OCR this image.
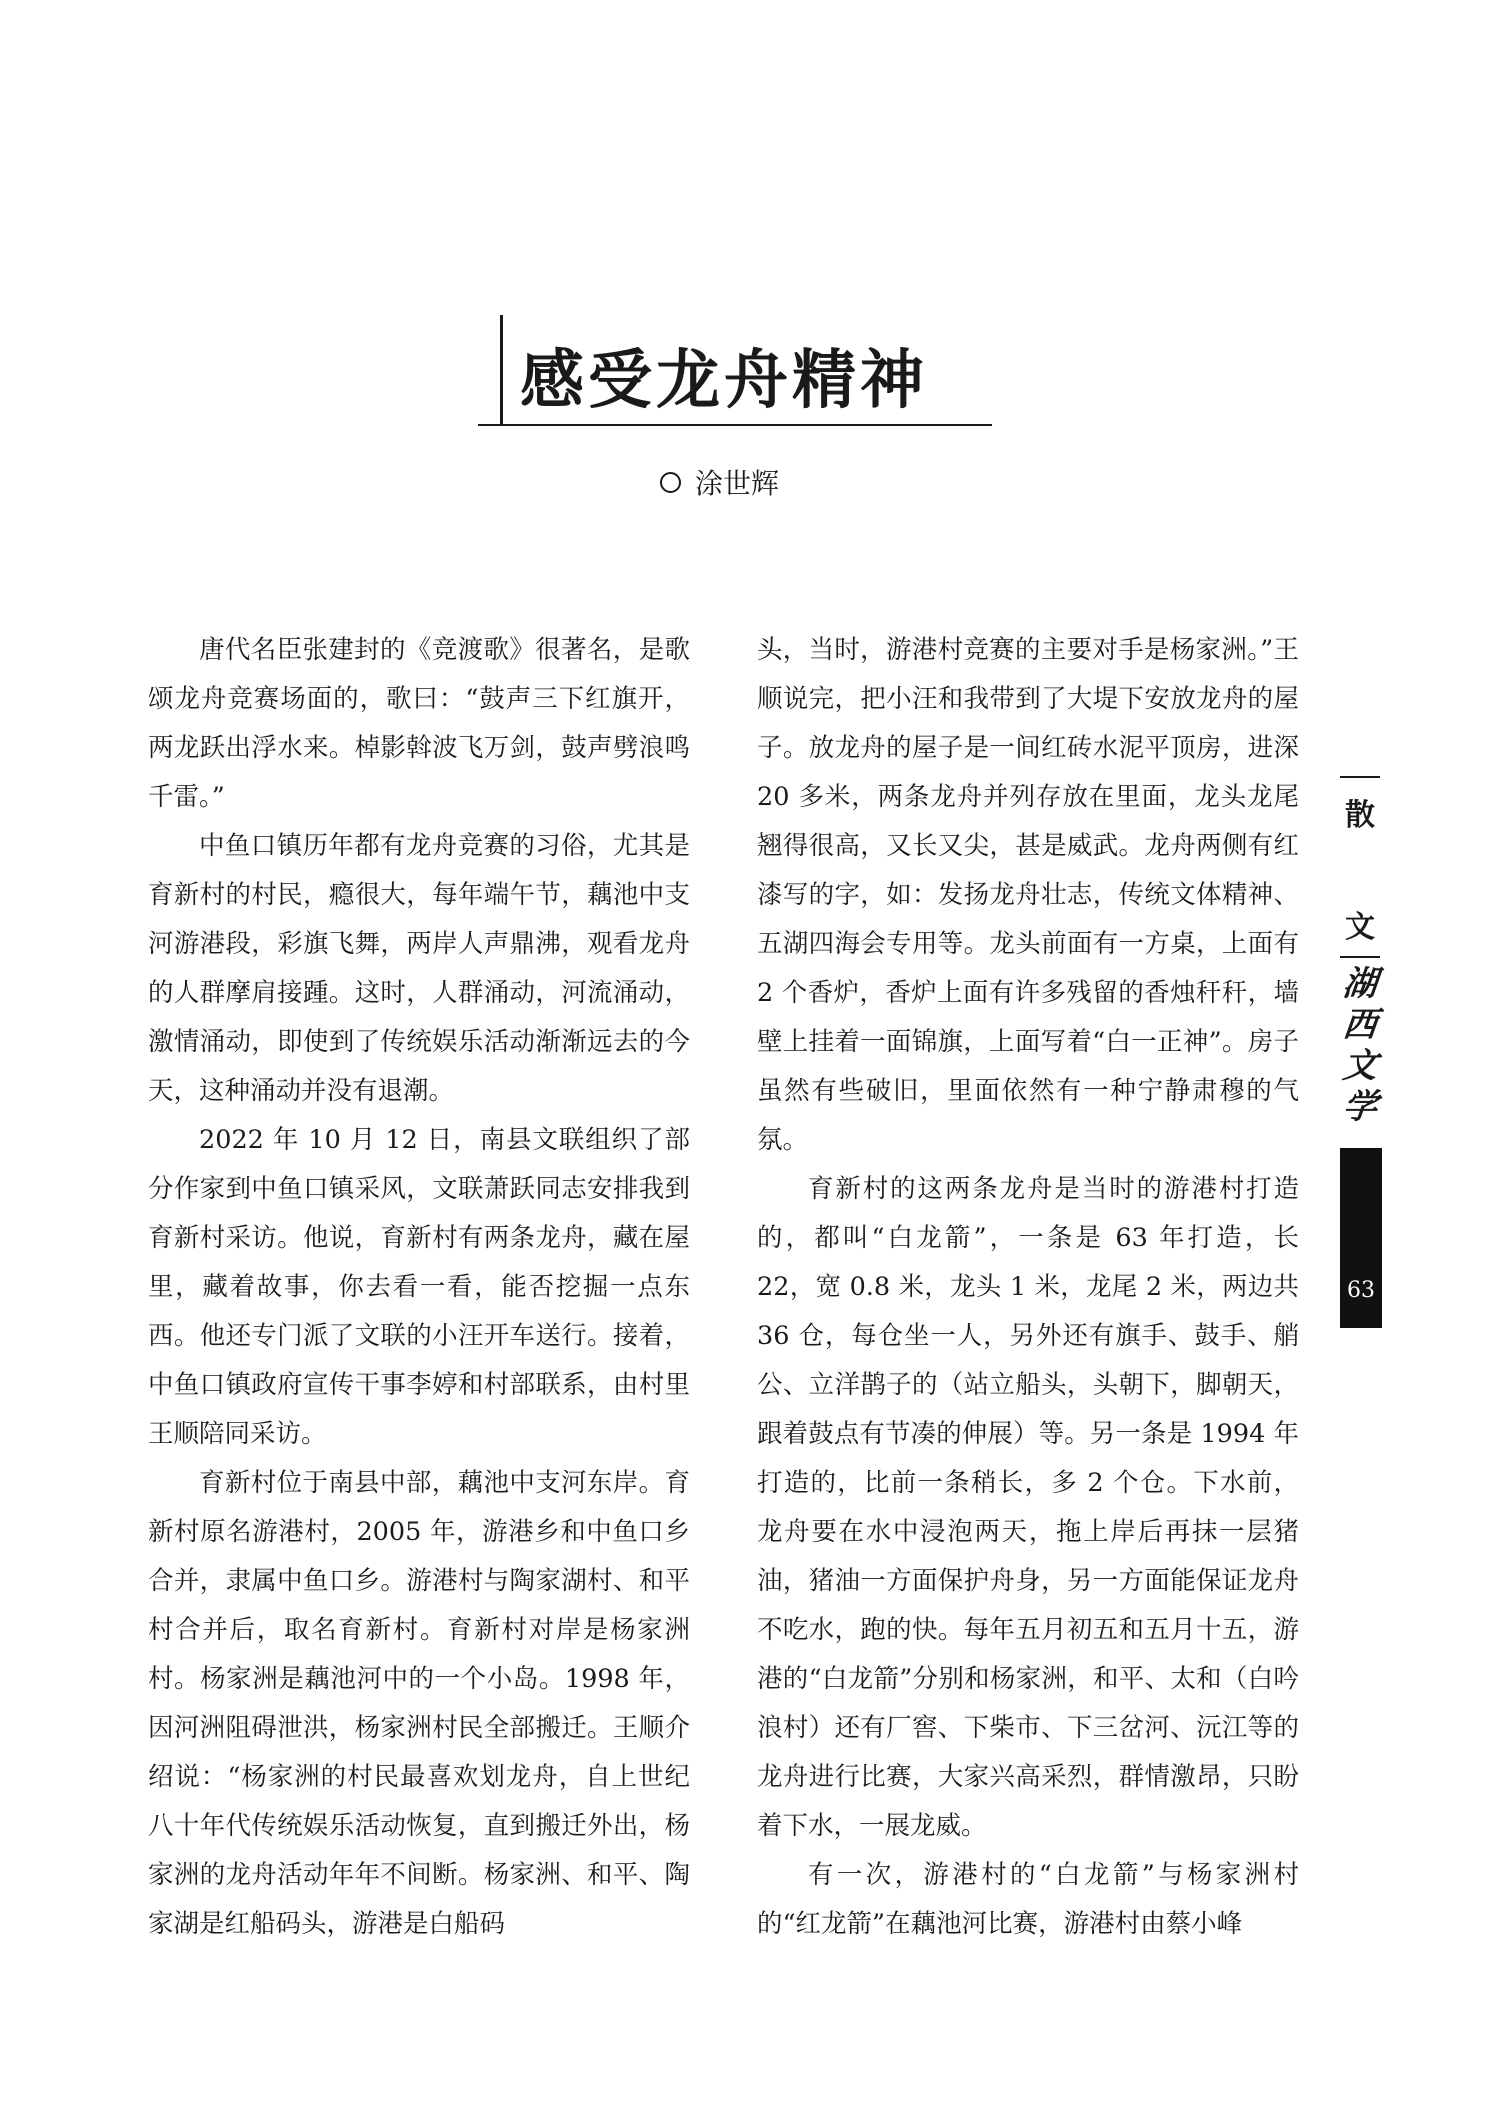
感受龙舟精神
涂世辉

唐代名臣张建封的《竞渡歌》很著名，是歌颂龙舟竞赛场面的，歌曰：“鼓声三下红旗开，两龙跃出浮水来。棹影斡波飞万剑，鼓声劈浪鸣千雷。”

中鱼口镇历年都有龙舟竞赛的习俗，尤其是育新村的村民，瘾很大，每年端午节，藕池中支河游港段，彩旗飞舞，两岸人声鼎沸，观看龙舟的人群摩肩接踵。这时，人群涌动，河流涌动，激情涌动，即使到了传统娱乐活动渐渐远去的今天，这种涌动并没有退潮。

2022 年 10 月 12 日，南县文联组织了部分作家到中鱼口镇采风，文联萧跃同志安排我到育新村采访。他说，育新村有两条龙舟，藏在屋里，藏着故事，你去看一看，能否挖掘一点东西。他还专门派了文联的小汪开车送行。接着，中鱼口镇政府宣传干事李婷和村部联系，由村里王顺陪同采访。

育新村位于南县中部，藕池中支河东岸。育新村原名游港村，2005 年，游港乡和中鱼口乡合并，隶属中鱼口乡。游港村与陶家湖村、和平村合并后，取名育新村。育新村对岸是杨家洲村。杨家洲是藕池河中的一个小岛。1998 年，因河洲阻碍泄洪，杨家洲村民全部搬迁。王顺介绍说：“杨家洲的村民最喜欢划龙舟，自上世纪八十年代传统娱乐活动恢复，直到搬迁外出，杨家洲的龙舟活动年年不间断。杨家洲、和平、陶家湖是红船码头，游港是白船码

头，当时，游港村竞赛的主要对手是杨家洲。”王顺说完，把小汪和我带到了大堤下安放龙舟的屋子。放龙舟的屋子是一间红砖水泥平顶房，进深 20 多米，两条龙舟并列存放在里面，龙头龙尾翘得很高，又长又尖，甚是威武。龙舟两侧有红漆写的字，如：发扬龙舟壮志，传统文体精神、五湖四海会专用等。龙头前面有一方桌，上面有 2 个香炉，香炉上面有许多残留的香烛秆秆，墙壁上挂着一面锦旗，上面写着“白一正神”。房子虽然有些破旧，里面依然有一种宁静肃穆的气氛。

育新村的这两条龙舟是当时的游港村打造的，都叫“白龙箭”，一条是 63 年打造，长 22，宽 0.8 米，龙头 1 米，龙尾 2 米，两边共 36 仓，每仓坐一人，另外还有旗手、鼓手、艄公、立洋鹊子的（站立船头，头朝下，脚朝天，跟着鼓点有节凑的伸展）等。另一条是 1994 年打造的，比前一条稍长，多 2 个仓。下水前，龙舟要在水中浸泡两天，拖上岸后再抹一层猪油，猪油一方面保护舟身，另一方面能保证龙舟不吃水，跑的快。每年五月初五和五月十五，游港的“白龙箭”分别和杨家洲，和平、太和（白吟浪村）还有厂窖、下柴市、下三岔河、沅江等的龙舟进行比赛，大家兴高采烈，群情激昂，只盼着下水，一展龙威。

有一次，游港村的“白龙箭”与杨家洲村的“红龙箭”在藕池河比赛，游港村由蔡小峰

散
文
湖
西
文
学
63
